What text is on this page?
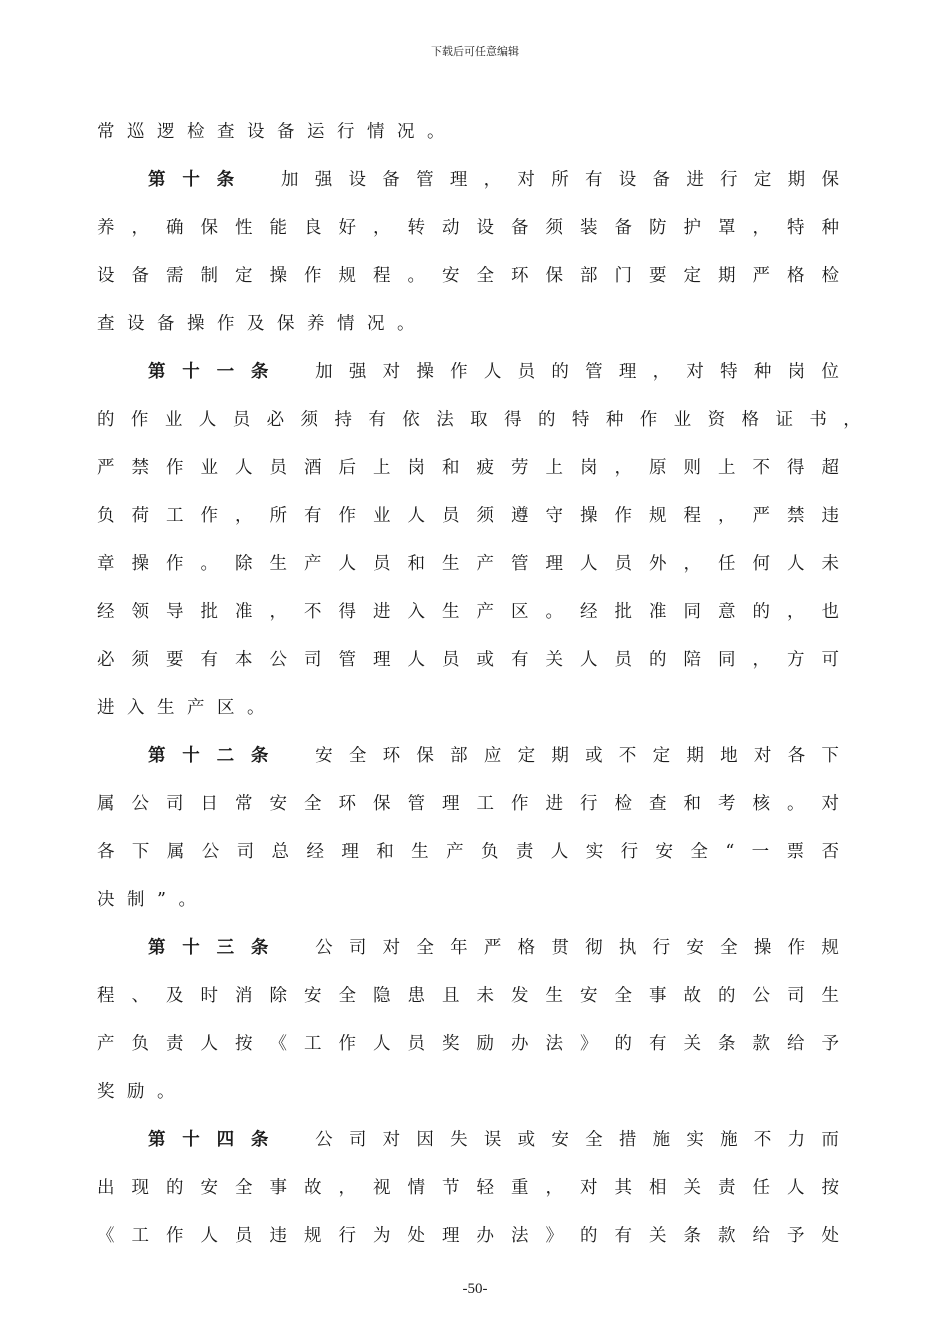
下载后可任意编辑
常巡逻检查设备运行情况。
第 十 条	加 强 设 备 管 理 ， 对 所 有 设 备 进 行 定 期 保
养 ， 确 保 性 能 良 好 ， 转 动 设 备 须 装 备 防 护 罩 ， 特 种
设 备 需 制 定 操 作 规 程 。 安 全 环 保 部 门 要 定 期 严 格 检
查设备操作及保养情况。
第 十 一 条	加 强 对 操 作 人 员 的 管 理 ， 对 特 种 岗 位
的 作 业 人 员 必 须 持 有 依 法 取 得 的 特 种 作 业 资 格 证 书 ，
严 禁 作 业 人 员 酒 后 上 岗 和 疲 劳 上 岗 ， 原 则 上 不 得 超
负 荷 工 作 ， 所 有 作 业 人 员 须 遵 守 操 作 规 程 ， 严 禁 违
章 操 作 。 除 生 产 人 员 和 生 产 管 理 人 员 外 ， 任 何 人 未
经 领 导 批 准 ， 不 得 进 入 生 产 区 。 经 批 准 同 意 的 ， 也
必 须 要 有 本 公 司 管 理 人 员 或 有 关 人 员 的 陪 同 ， 方 可
进入生产区。
第 十 二 条	安 全 环 保 部 应 定 期 或 不 定 期 地 对 各 下
属 公 司 日 常 安 全 环 保 管 理 工 作 进 行 检 查 和 考 核 。 对
各 下 属 公 司 总 经 理 和 生 产 负 责 人 实 行 安 全 “ 一 票 否
决制”。
第 十 三 条	公 司 对 全 年 严 格 贯 彻 执 行 安 全 操 作 规
程 、 及 时 消 除 安 全 隐 患 且 未 发 生 安 全 事 故 的 公 司 生
产 负 责 人 按 《 工 作 人 员 奖 励 办 法 》 的 有 关 条 款 给 予
奖励。
第 十 四 条	公 司 对 因 失 误 或 安 全 措 施 实 施 不 力 而
出 现 的 安 全 事 故 ， 视 情 节 轻 重 ， 对 其 相 关 责 任 人 按
《 工 作 人 员 违 规 行 为 处 理 办 法 》 的 有 关 条 款 给 予 处
-50-
